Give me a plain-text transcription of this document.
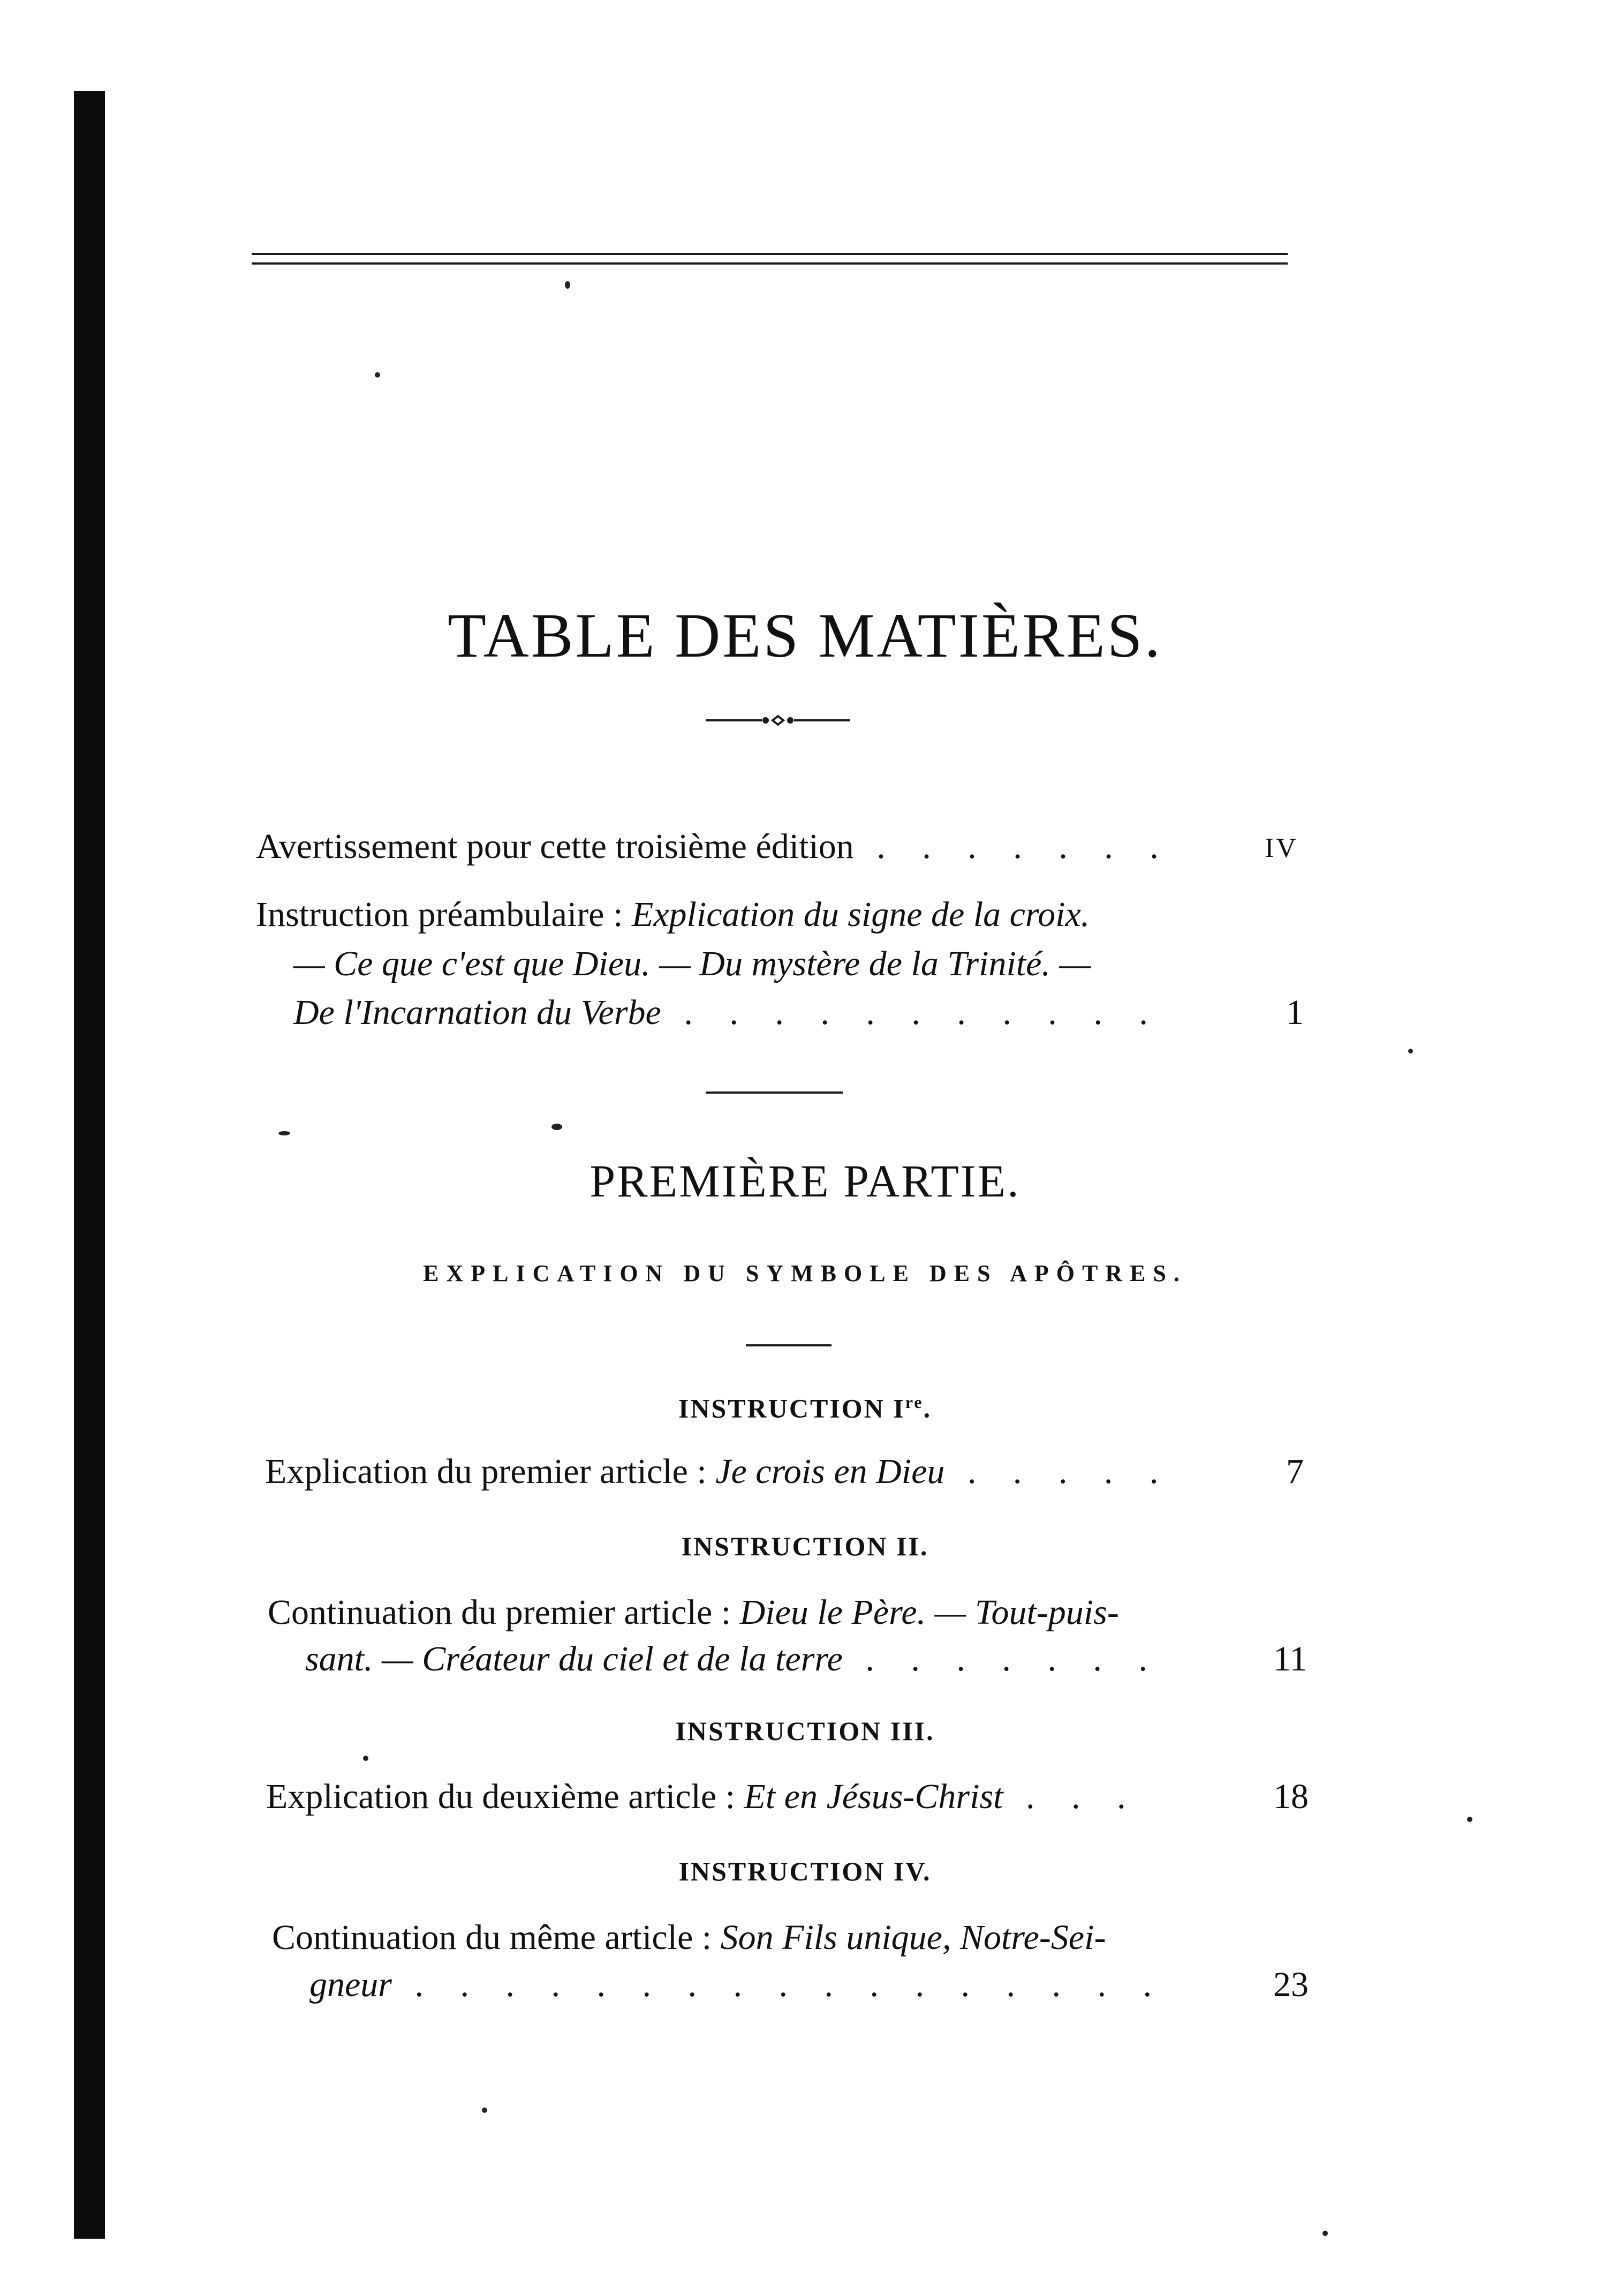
TABLE DES MATIÈRES.
Avertissement pour cette troisième édition . . . . . . .	IV
Instruction préambulaire : Explication du signe de la croix.
— Ce que c'est que Dieu. — Du mystère de la Trinité. —
De l'Incarnation du Verbe . . . . . . . . . . .	1
PREMIÈRE PARTIE.
EXPLICATION DU SYMBOLE DES APÔTRES.
INSTRUCTION Ire.
Explication du premier article : Je crois en Dieu . . . . .	7
INSTRUCTION II.
Continuation du premier article : Dieu le Père. — Tout-puis-
sant. — Créateur du ciel et de la terre . . . . . . .	11
INSTRUCTION III.
Explication du deuxième article : Et en Jésus-Christ . . .	18
INSTRUCTION IV.
Continuation du même article : Son Fils unique, Notre-Sei-
gneur . . . . . . . . . . . . . . . . .	23
